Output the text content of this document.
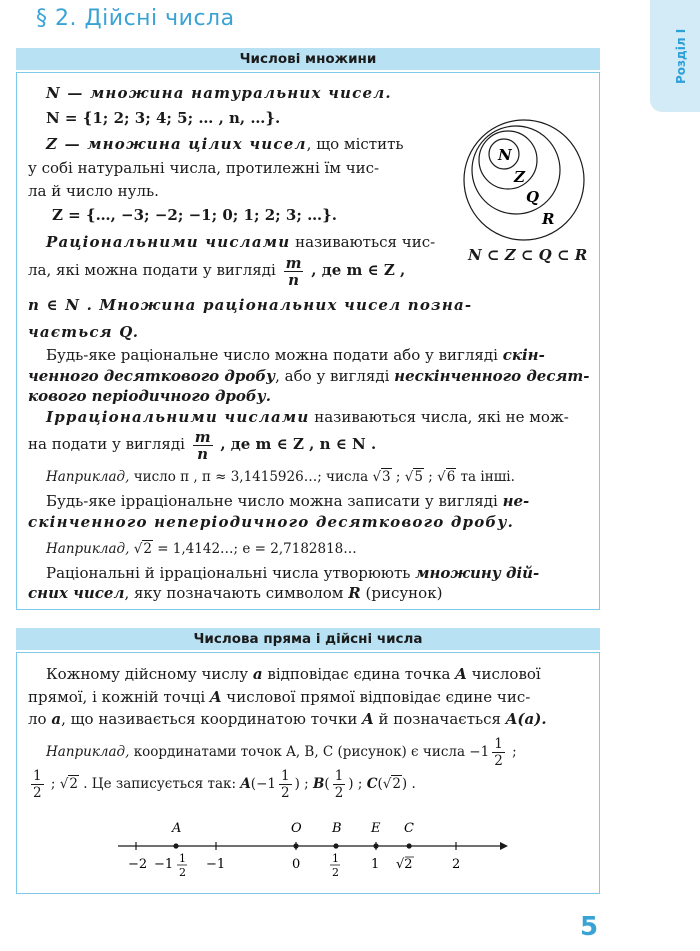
§ 2. Дійсні числа
Розділ I
Числові множини
N — множина натуральних чисел.
N = {1; 2; 3; 4; 5; … , n, …}.
Z — множина цілих чисел, що містить
у собі натуральні числа, протилежні їм чис-
ла й число нуль.
Z = {…, −3; −2; −1; 0; 1; 2; 3; …}.
Раціональними числами називаються чис-
ла, які можна подати у вигляді $\frac{m}{n}$ , де m ∈ Z ,
n ∈ N . Множина раціональних чисел позна-
чається Q.
Будь-яке раціональне число можна подати або у вигляді скін-
ченного десяткового дробу, або у вигляді нескінченного десят-
кового періодичного дробу.
Ірраціональними числами називаються числа, які не мож-
на подати у вигляді $\frac{m}{n}$ , де m ∈ Z , n ∈ N .
Наприклад, число π , π ≈ 3,1415926…; числа √3 ; √5 ; √6 та інші.
Будь-яке ірраціональне число можна записати у вигляді не-
скінченного неперіодичного десяткового дробу.
Наприклад, √2 = 1,4142…; e = 2,7182818…
Раціональні й ірраціональні числа утворюють множину дій-
сних чисел, яку позначають символом R (рисунок)
N
Z
Q
R
N ⊂ Z ⊂ Q ⊂ R
Числова пряма і дійсні числа
Кожному дійсному числу a відповідає єдина точка A числової
прямої, і кожній точці A числової прямої відповідає єдине чис-
ло a, що називається координатою точки A й позначається A(a).
Наприклад, координатами точок A, B, C (рисунок) є числа $-1 \frac{1}{2}$ ;
$\frac{1}{2}$ ; √2 . Це записується так: $A(-1 \frac{1}{2}$ ) ; $B( \frac{1}{2}$ ) ; C(√2) .
A	O B E C
−2 −1 1
2
−1	0	1
2
1 √2	2
5
